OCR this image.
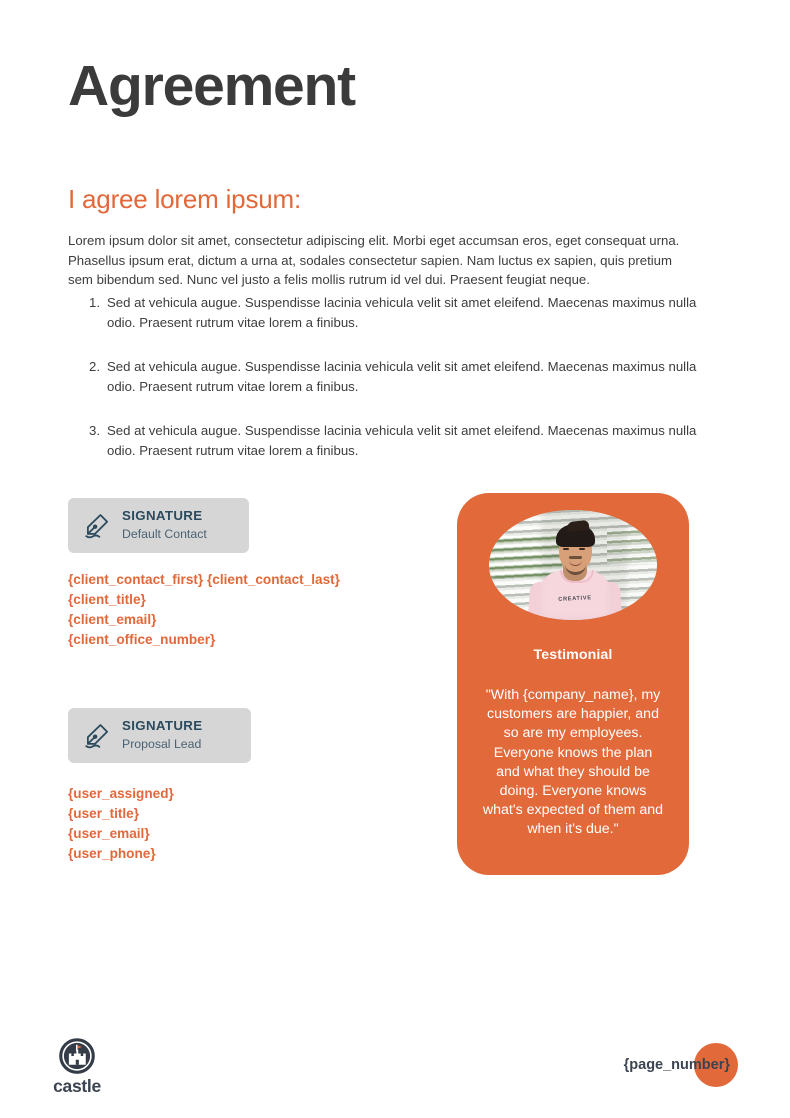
Agreement
I agree lorem ipsum:

Lorem ipsum dolor sit amet, consectetur adipiscing elit. Morbi eget accumsan eros, eget consequat urna. Phasellus ipsum erat, dictum a urna at, sodales consectetur sapien. Nam luctus ex sapien, quis pretium sem bibendum sed. Nunc vel justo a felis mollis rutrum id vel dui. Praesent feugiat neque.

Sed at vehicula augue. Suspendisse lacinia vehicula velit sit amet eleifend. Maecenas maximus nulla odio. Praesent rutrum vitae lorem a finibus.
Sed at vehicula augue. Suspendisse lacinia vehicula velit sit amet eleifend. Maecenas maximus nulla odio. Praesent rutrum vitae lorem a finibus.
Sed at vehicula augue. Suspendisse lacinia vehicula velit sit amet eleifend. Maecenas maximus nulla odio. Praesent rutrum vitae lorem a finibus.
SIGNATURE
Default Contact
{client_contact_first} {client_contact_last}
{client_title}
{client_email}
{client_office_number}
SIGNATURE
Proposal Lead
{user_assigned}
{user_title}
{user_email}
{user_phone}
CREATIVE
Testimonial
"With {company_name}, my customers are happier, and so are my employees. Everyone knows the plan and what they should be doing. Everyone knows what's expected of them and when it's due."
castle
{page_number}
